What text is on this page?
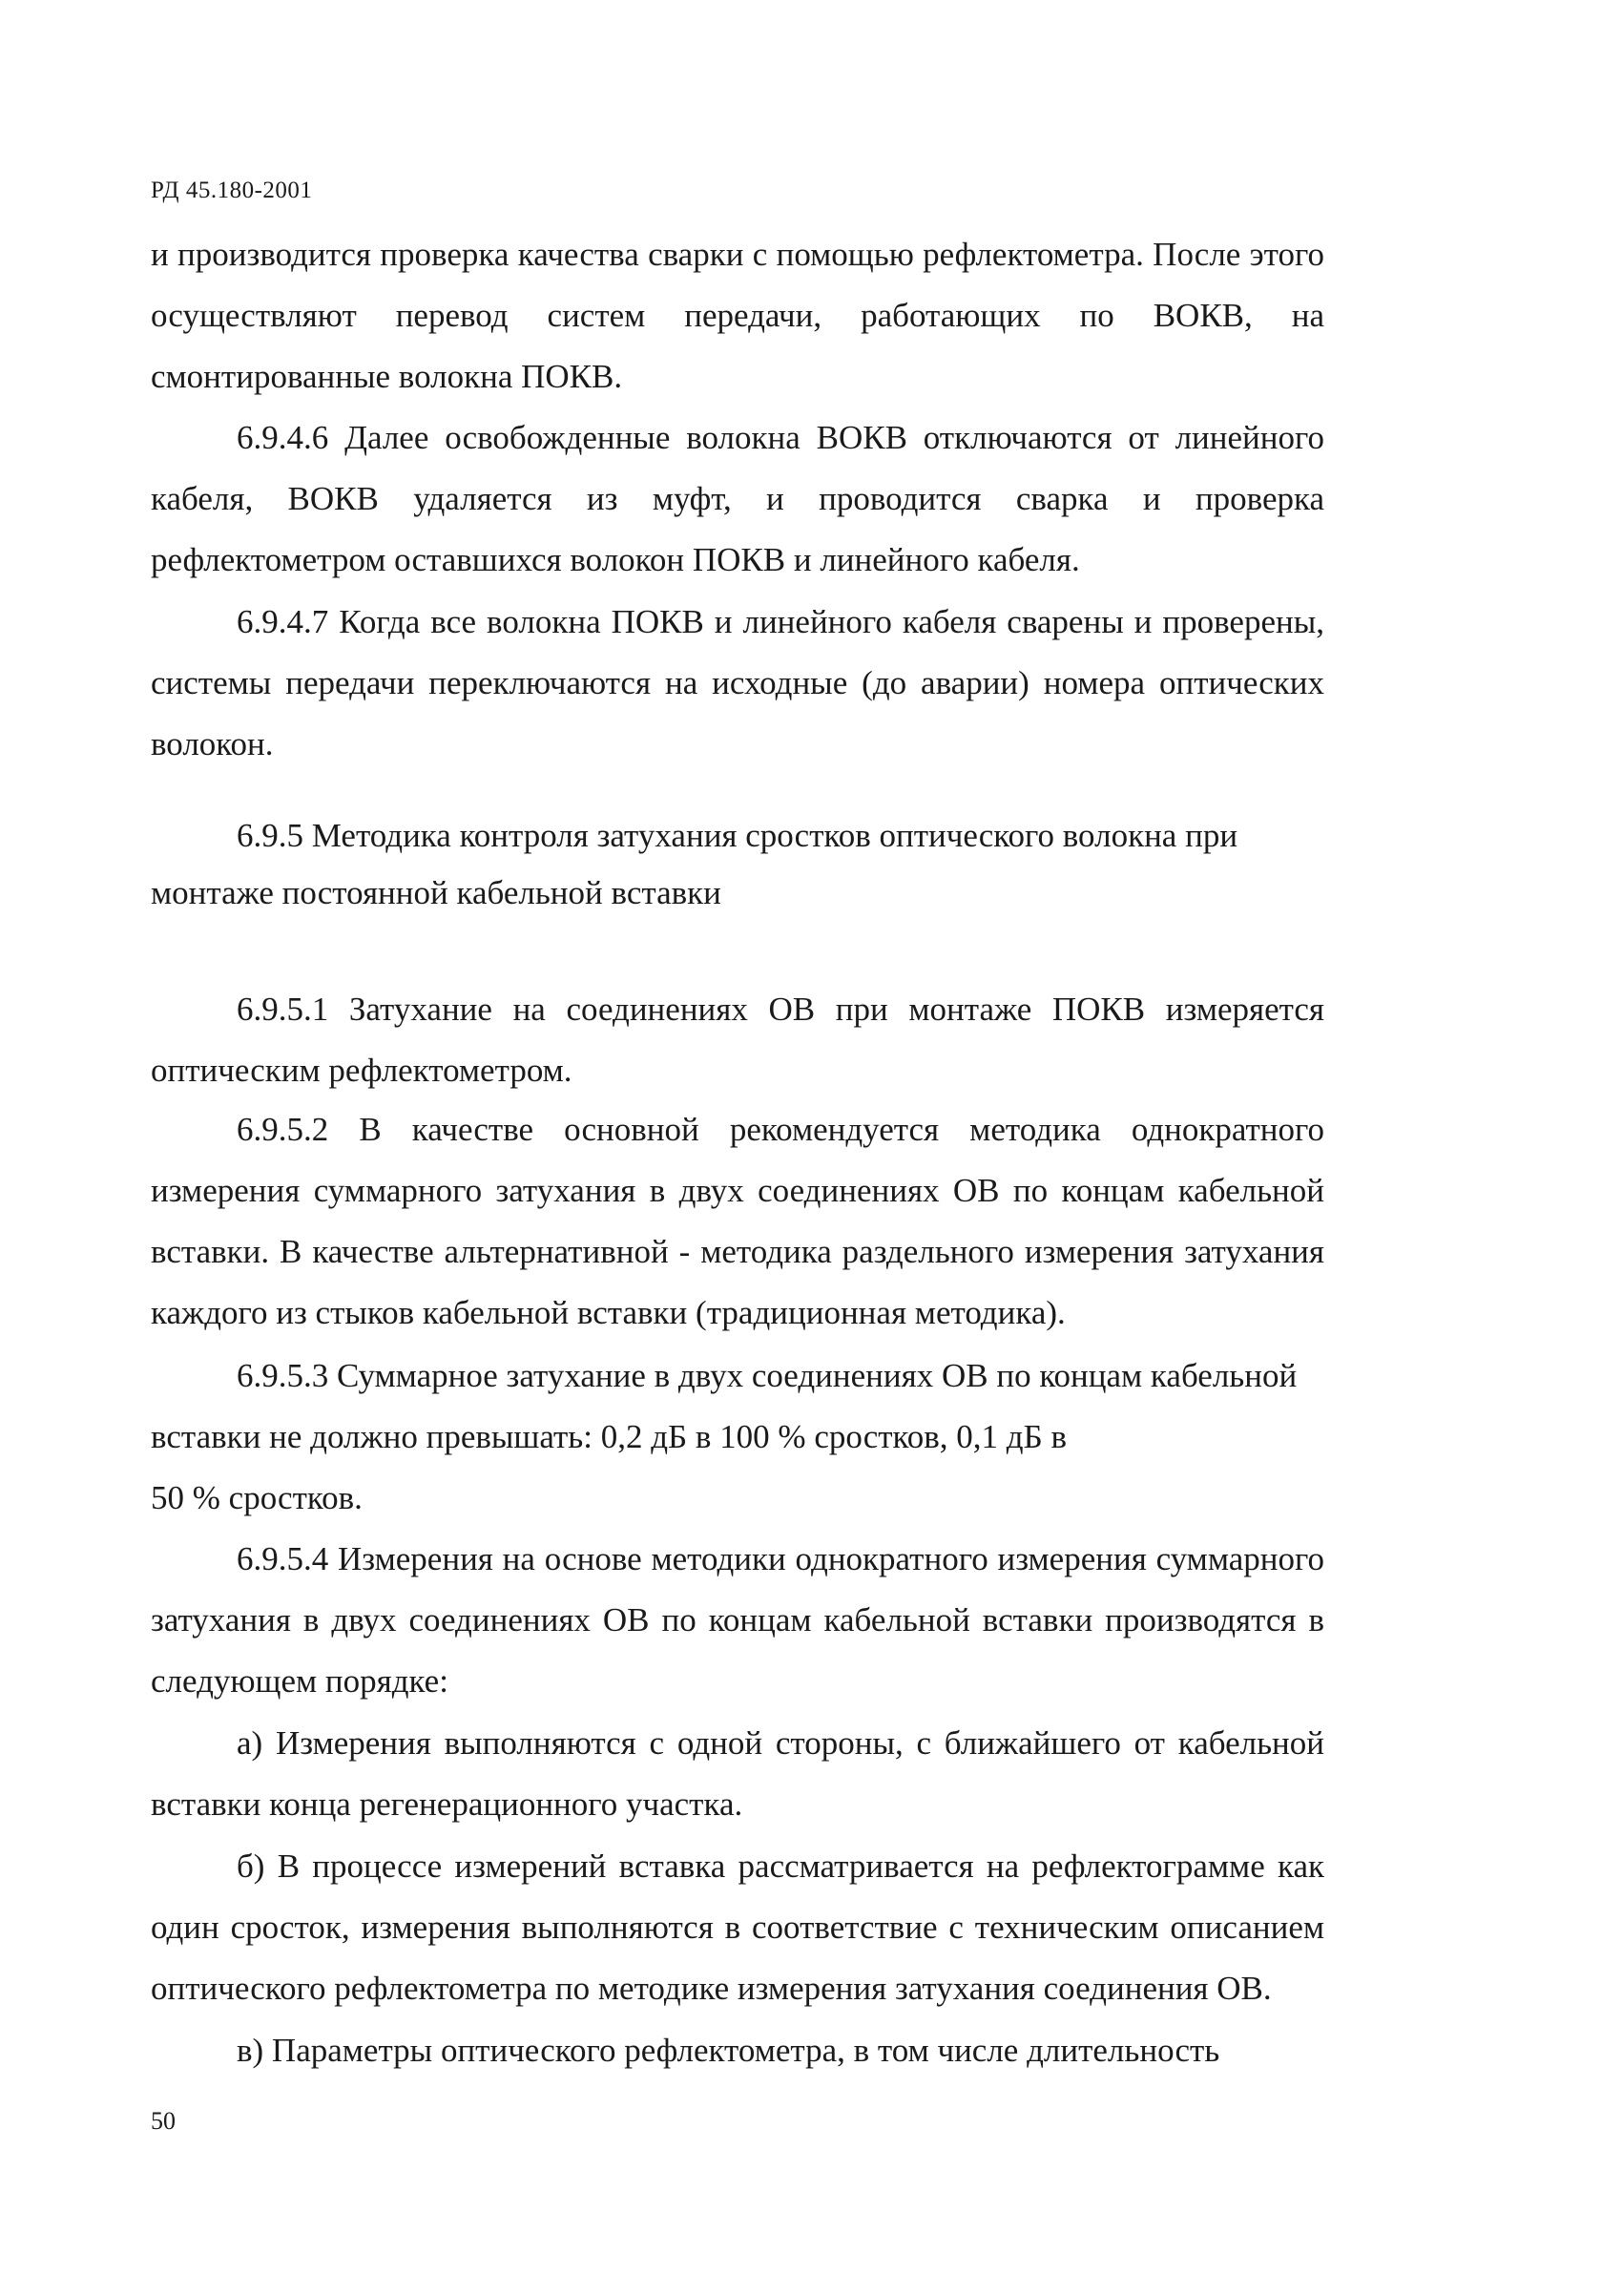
РД 45.180-2001

и производится проверка качества сварки с помощью рефлектометра. После этого осуществляют перевод систем передачи, работающих по ВОКВ, на смонтированные волокна ПОКВ.

6.9.4.6 Далее освобожденные волокна ВОКВ отключаются от линейного кабеля, ВОКВ удаляется из муфт, и проводится сварка и проверка рефлектометром оставшихся волокон ПОКВ и линейного кабеля.

6.9.4.7 Когда все волокна ПОКВ и линейного кабеля сварены и проверены, системы передачи переключаются на исходные (до аварии) номера оптических волокон.

6.9.5 Методика контроля затухания сростков оптического волокна при
монтаже постоянной кабельной вставки

6.9.5.1 Затухание на соединениях ОВ при монтаже ПОКВ измеряется оптическим рефлектометром.

6.9.5.2 В качестве основной рекомендуется методика однократного измерения суммарного затухания в двух соединениях ОВ по концам кабельной вставки. В качестве альтернативной - методика раздельного измерения затухания каждого из стыков кабельной вставки (традиционная методика).

6.9.5.3 Суммарное затухание в двух соединениях ОВ по концам кабельной вставки не должно превышать: 0,2 дБ в 100 % сростков, 0,1 дБ в
50 % сростков.

6.9.5.4 Измерения на основе методики однократного измерения суммарного затухания в двух соединениях ОВ по концам кабельной вставки производятся в следующем порядке:

а) Измерения выполняются с одной стороны, с ближайшего от кабельной вставки конца регенерационного участка.

б) В процессе измерений вставка рассматривается на рефлектограмме как один сросток, измерения выполняются в соответствие с техническим описанием оптического рефлектометра по методике измерения затухания соединения ОВ.

в) Параметры оптического рефлектометра, в том числе длительность

50
